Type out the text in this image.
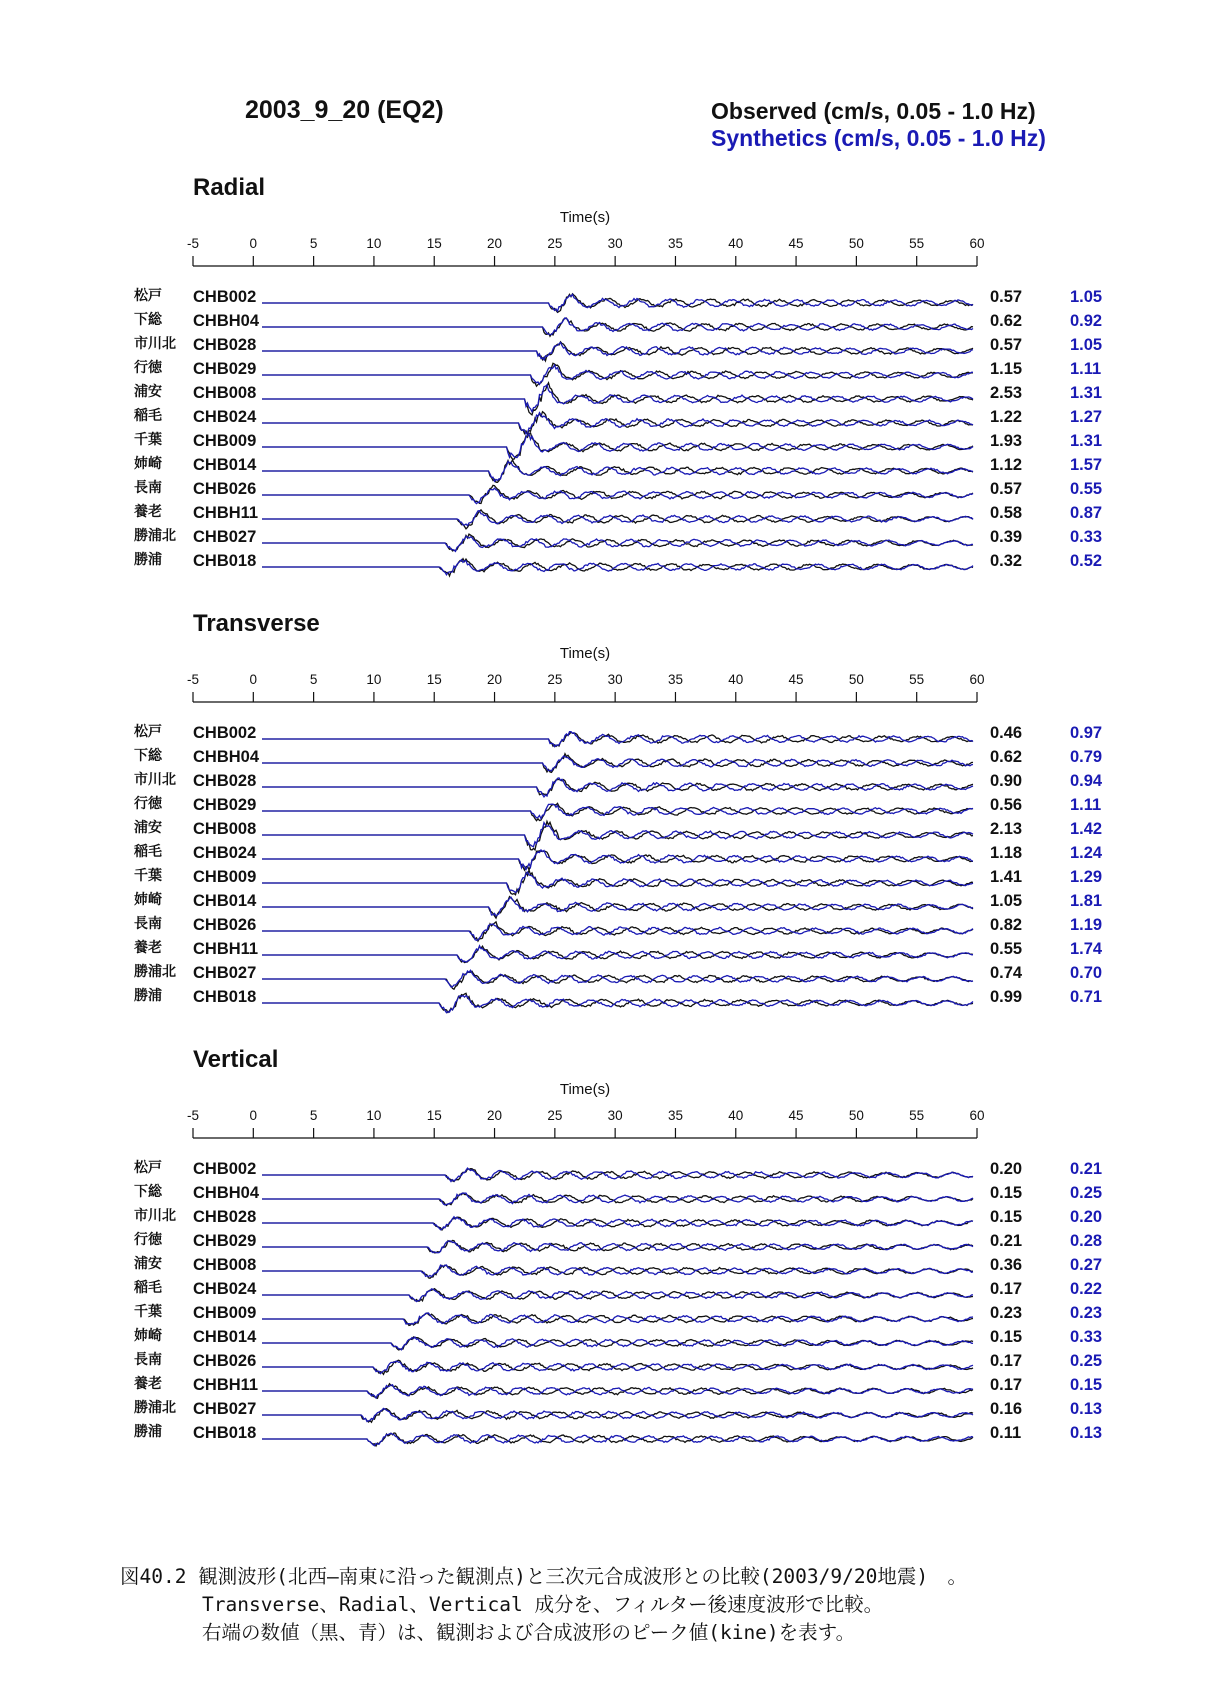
2003_9_20 (EQ2)	Observed (cm/s, 0.05 - 1.0 Hz)
Synthetics (cm/s, 0.05 - 1.0 Hz)
Radial
Time(s)
-5	0	5	10	15	20	25	30	35	40	45	50	55	60
松戸 CHB002	0.57	1.05
下総 CHBH04	0.62	0.92
市川北 CHB028	0.57	1.05
行徳 CHB029	1.15	1.11
浦安 CHB008	2.53	1.31
稲毛 CHB024	1.22	1.27
千葉 CHB009	1.93	1.31
姉崎 CHB014	1.12	1.57
長南 CHB026	0.57	0.55
養老 CHBH11	0.58	0.87
勝浦北 CHB027	0.39	0.33
勝浦 CHB018	0.32	0.52
Transverse
Time(s)
-5	0	5	10	15	20	25	30	35	40	45	50	55	60
松戸 CHB002	0.46	0.97
下総 CHBH04	0.62	0.79
市川北 CHB028	0.90	0.94
行徳 CHB029	0.56	1.11
浦安 CHB008	2.13	1.42
稲毛 CHB024	1.18	1.24
千葉 CHB009	1.41	1.29
姉崎 CHB014	1.05	1.81
長南 CHB026	0.82	1.19
養老 CHBH11	0.55	1.74
勝浦北 CHB027	0.74	0.70
勝浦 CHB018	0.99	0.71
Vertical
Time(s)
-5	0	5	10	15	20	25	30	35	40	45	50	55	60
松戸 CHB002	0.20	0.21
下総 CHBH04	0.15	0.25
市川北 CHB028	0.15	0.20
行徳 CHB029	0.21	0.28
浦安 CHB008	0.36	0.27
稲毛 CHB024	0.17	0.22
千葉 CHB009	0.23	0.23
姉崎 CHB014	0.15	0.33
長南 CHB026	0.17	0.25
養老 CHBH11	0.17	0.15
勝浦北 CHB027	0.16	0.13
勝浦 CHB018	0.11	0.13
図40.2 観測波形(北西―南東に沿った観測点)と三次元合成波形との比較(2003/9/20地震)　。
Transverse、Radial、Vertical 成分を、フィルター後速度波形で比較。
右端の数値（黒、青）は、観測および合成波形のピーク値(kine)を表す。
